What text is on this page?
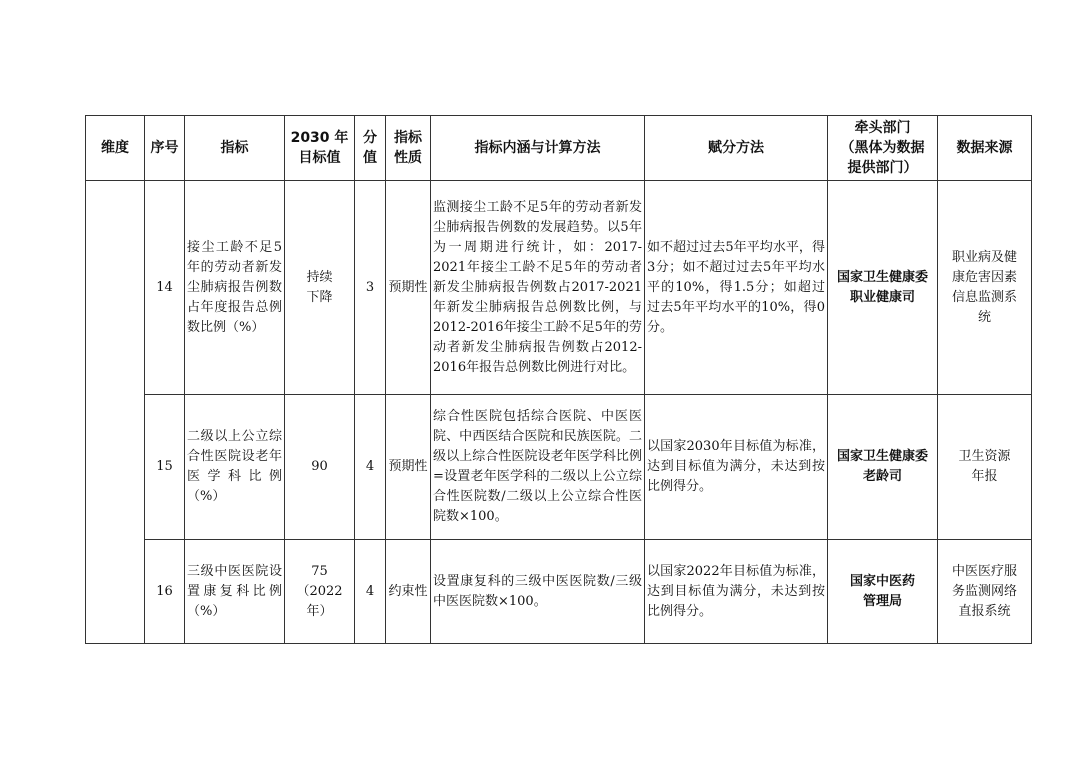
维度	序号	指标	2030 年
目标值	分值	指标
性质	指标内涵与计算方法	赋分方法	牵头部门
（黑体为数据
提供部门）	数据来源
	14	接尘工龄不足5年的劳动者新发尘肺病报告例数占年度报告总例数比例（%）	持续
下降	3	预期性	监测接尘工龄不足5年的劳动者新发尘肺病报告例数的发展趋势。以5年为一周期进行统计，如：2017-2021年接尘工龄不足5年的劳动者新发尘肺病报告例数占2017-2021年新发尘肺病报告总例数比例，与2012-2016年接尘工龄不足5年的劳动者新发尘肺病报告例数占2012-2016年报告总例数比例进行对比。	如不超过过去5年平均水平，得3分；如不超过过去5年平均水平的10%，得1.5分；如超过过去5年平均水平的10%，得0分。	国家卫生健康委
职业健康司	职业病及健
康危害因素
信息监测系
统
	15	二级以上公立综合性医院设老年医学科比例（%）	90	4	预期性	综合性医院包括综合医院、中医医院、中西医结合医院和民族医院。二级以上综合性医院设老年医学科比例=设置老年医学科的二级以上公立综合性医院数/二级以上公立综合性医院数×100。	以国家2030年目标值为标准，达到目标值为满分，未达到按比例得分。	国家卫生健康委
老龄司	卫生资源
年报
	16	三级中医医院设置康复科比例（%）	75
（2022
年）	4	约束性	设置康复科的三级中医医院数/三级中医医院数×100。	以国家2022年目标值为标准，达到目标值为满分，未达到按比例得分。	国家中医药
管理局	中医医疗服
务监测网络
直报系统
